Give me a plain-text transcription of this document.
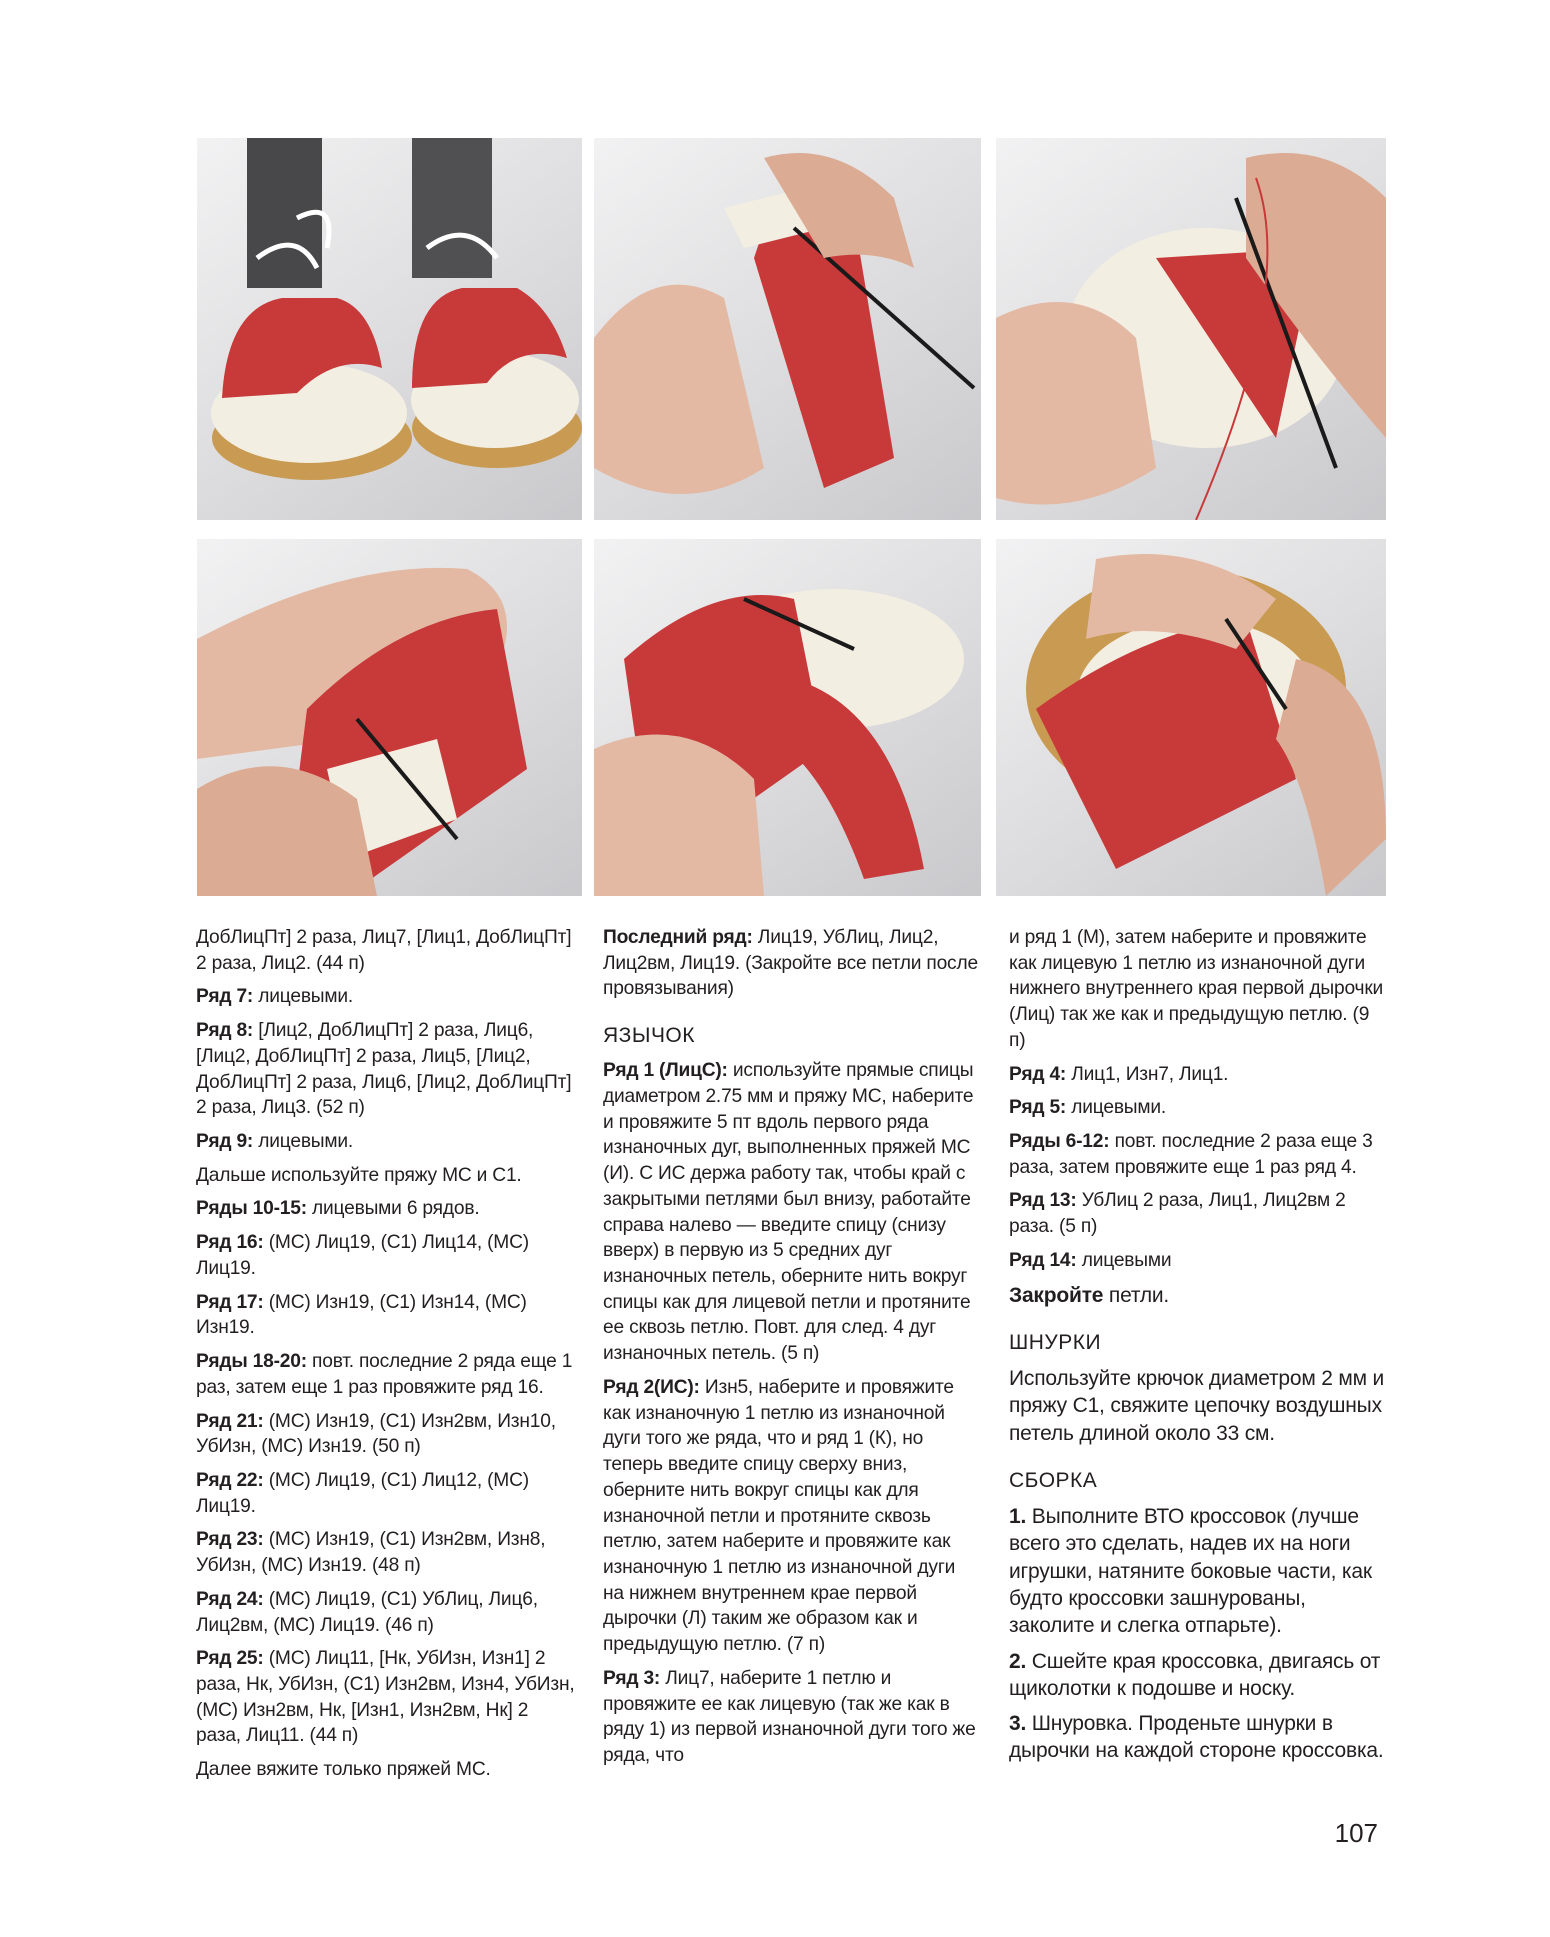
ДобЛицПт] 2 раза, Лиц7, [Лиц1, ДобЛицПт] 2 раза, Лиц2. (44 п)

Ряд 7: лицевыми.

Ряд 8: [Лиц2, ДобЛицПт] 2 раза, Лиц6, [Лиц2, ДобЛицПт] 2 раза, Лиц5, [Лиц2, ДобЛицПт] 2 раза, Лиц6, [Лиц2, ДобЛицПт] 2 раза, Лиц3. (52 п)

Ряд 9: лицевыми.

Дальше используйте пряжу МС и С1.

Ряды 10-15: лицевыми 6 рядов.

Ряд 16: (МС) Лиц19, (С1) Лиц14, (МС) Лиц19.

Ряд 17: (МС) Изн19, (С1) Изн14, (МС) Изн19.

Ряды 18-20: повт. последние 2 ряда еще 1 раз, затем еще 1 раз провяжите ряд 16.

Ряд 21: (МС) Изн19, (С1) Изн2вм, Изн10, УбИзн, (МС) Изн19. (50 п)

Ряд 22: (МС) Лиц19, (С1) Лиц12, (МС) Лиц19.

Ряд 23: (МС) Изн19, (С1) Изн2вм, Изн8, УбИзн, (МС) Изн19. (48 п)

Ряд 24: (МС) Лиц19, (С1) УбЛиц, Лиц6, Лиц2вм, (МС) Лиц19. (46 п)

Ряд 25: (МС) Лиц11, [Нк, УбИзн, Изн1] 2 раза, Нк, УбИзн, (С1) Изн2вм, Изн4, УбИзн, (МС) Изн2вм, Нк, [Изн1, Изн2вм, Нк] 2 раза, Лиц11. (44 п)

Далее вяжите только пряжей МС.

Последний ряд: Лиц19, УбЛиц, Лиц2, Лиц2вм, Лиц19. (Закройте все петли после провязывания)

ЯЗЫЧОК

Ряд 1 (ЛицС): используйте прямые спицы диаметром 2.75 мм и пряжу МС, наберите и провяжите 5 пт вдоль первого ряда изнаночных дуг, выполненных пряжей МС (И). С ИС держа работу так, чтобы край с закрытыми петлями был внизу, работайте справа налево — введите спицу (снизу вверх) в первую из 5 средних дуг изнаночных петель, оберните нить вокруг спицы как для лицевой петли и протяните ее сквозь петлю. Повт. для след. 4 дуг изнаночных петель. (5 п)

Ряд 2(ИС): Изн5, наберите и провяжите как изнаночную 1 петлю из изнаночной дуги того же ряда, что и ряд 1 (К), но теперь введите спицу сверху вниз, оберните нить вокруг спицы как для изнаночной петли и протяните сквозь петлю, затем наберите и провяжите как изнаночную 1 петлю из изнаночной дуги на нижнем внутреннем крае первой дырочки (Л) таким же образом как и предыдущую петлю. (7 п)

Ряд 3: Лиц7, наберите 1 петлю и провяжите ее как лицевую (так же как в ряду 1) из первой изнаночной дуги того же ряда, что

и ряд 1 (М), затем наберите и провяжите как лицевую 1 петлю из изнаночной дуги нижнего внутреннего края первой дырочки (Лиц) так же как и предыдущую петлю. (9 п)

Ряд 4: Лиц1, Изн7, Лиц1.

Ряд 5: лицевыми.

Ряды 6-12: повт. последние 2 раза еще 3 раза, затем провяжите еще 1 раз ряд 4.

Ряд 13: УбЛиц 2 раза, Лиц1, Лиц2вм 2 раза. (5 п)

Ряд 14: лицевыми

Закройте петли.

ШНУРКИ

Используйте крючок диаметром 2 мм и пряжу С1, свяжите цепочку воздушных петель длиной около 33 см.

СБОРКА

1. Выполните ВТО кроссовок (лучше всего это сделать, надев их на ноги игрушки, натяните боковые части, как будто кроссовки зашнурованы, заколите и слегка отпарьте).

2. Сшейте края кроссовка, двигаясь от щиколотки к подошве и носку.

3. Шнуровка. Проденьте шнурки в дырочки на каждой стороне кроссовка.

107
